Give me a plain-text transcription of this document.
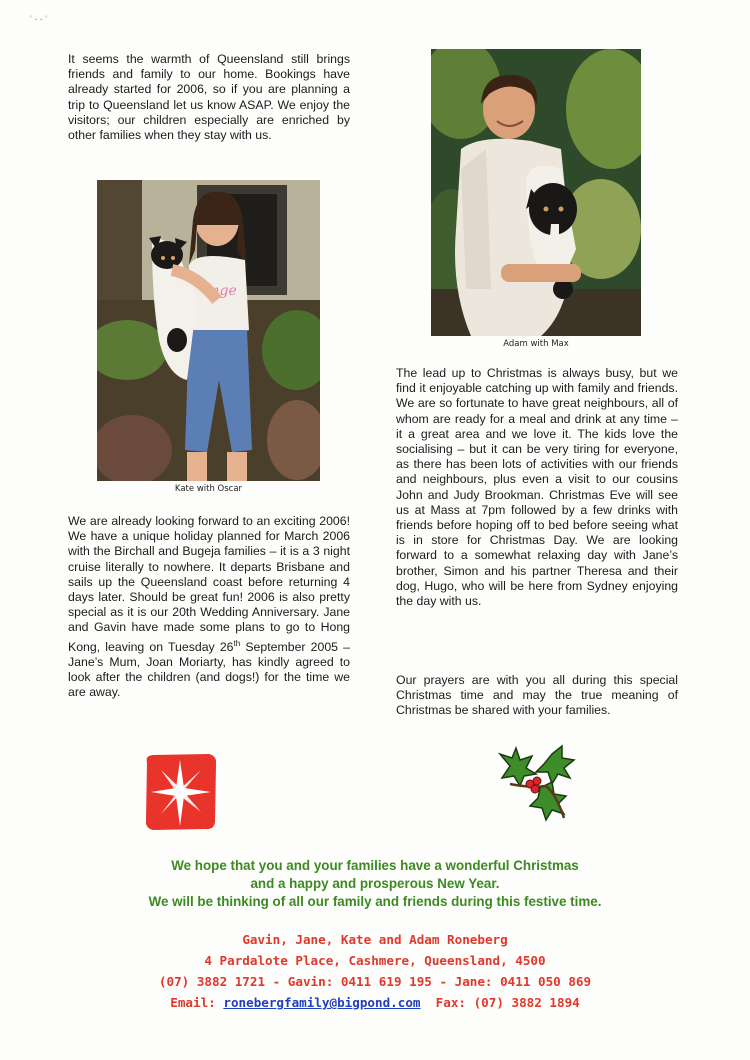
' - - '

It seems the warmth of Queensland still brings friends and family to our home. Bookings have already started for 2006, so if you are planning a trip to Queensland let us know ASAP. We enjoy the visitors; our children especially are enriched by other families when they stay with us.

Inge
Kate with Oscar

We are already looking forward to an exciting 2006! We have a unique holiday planned for March 2006 with the Birchall and Bugeja families – it is a 3 night cruise literally to nowhere. It departs Brisbane and sails up the Queensland coast before returning 4 days later. Should be great fun! 2006 is also pretty special as it is our 20th Wedding Anniversary. Jane and Gavin have made some plans to go to Hong Kong, leaving on Tuesday 26th September 2005 – Jane’s Mum, Joan Moriarty, has kindly agreed to look after the children (and dogs!) for the time we are away.

Adam with Max

The lead up to Christmas is always busy, but we find it enjoyable catching up with family and friends. We are so fortunate to have great neighbours, all of whom are ready for a meal and drink at any time – it a great area and we love it. The kids love the socialising – but it can be very tiring for everyone, as there has been lots of activities with our friends and neighbours, plus even a visit to our cousins John and Judy Brookman. Christmas Eve will see us at Mass at 7pm followed by a few drinks with friends before hoping off to bed before seeing what is in store for Christmas Day. We are looking forward to a somewhat relaxing day with Jane’s brother, Simon and his partner Theresa and their dog, Hugo, who will be here from Sydney enjoying the day with us.

Our prayers are with you all during this special Christmas time and may the true meaning of Christmas be shared with your families.

We hope that you and your families have a wonderful Christmas
and a happy and prosperous New Year.
We will be thinking of all our family and friends during this festive time.
Gavin, Jane, Kate and Adam Roneberg
4 Pardalote Place, Cashmere, Queensland, 4500
(07) 3882 1721 - Gavin: 0411 619 195 - Jane: 0411 050 869
Email: ronebergfamily@bigpond.com Fax: (07) 3882 1894
